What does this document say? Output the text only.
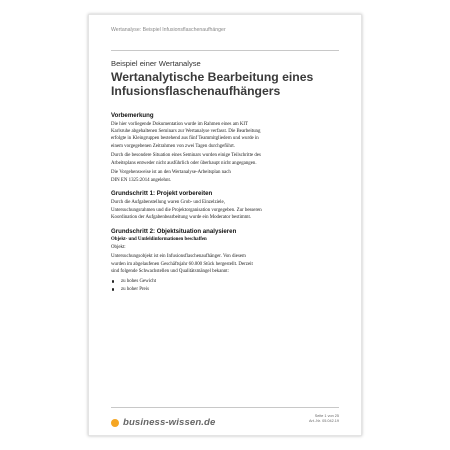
Wertanalyse: Beispiel Infusionsflaschenaufhänger
Beispiel einer Wertanalyse
Wertanalytische Bearbeitung eines
Infusionsflaschenaufhängers
Vorbemerkung
Die hier vorliegende Dokumentation wurde im Rahmen eines am KIT
Karlsruhe abgehaltenen Seminars zur Wertanalyse verfasst. Die Bearbeitung
erfolgte in Kleingruppen bestehend aus fünf Teammitgliedern und wurde in
einem vorgegebenen Zeitrahmen von zwei Tagen durchgeführt.
Durch die besondere Situation eines Seminars wurden einige Teilschritte des
Arbeitsplans entweder nicht ausführlich oder überhaupt nicht angegangen.
Die Vorgehensweise ist an den Wertanalyse-Arbeitsplan nach
DIN EN 1325:2014 angelehnt.
Grundschritt 1: Projekt vorbereiten
Durch die Aufgabenstellung waren Grob- und Einzelziele,
Untersuchungsrahmen und die Projektorganisation vorgegeben. Zur besseren
Koordination der Aufgabenbearbeitung wurde ein Moderator bestimmt.
Grundschritt 2: Objektsituation analysieren
Objekt- und Umfeldinformationen beschaffen
Objekt:
Untersuchungsobjekt ist ein Infusionsflaschenaufhänger. Von diesem
wurden im abgelaufenen Geschäftsjahr 60.000 Stück hergestellt. Derzeit
sind folgende Schwachstellen und Qualitätsmängel bekannt:
zu hohes Gewicht
zu hoher Preis
business-wissen.de
Seite 1 von 25
Art.-Nr. 05.042.19
